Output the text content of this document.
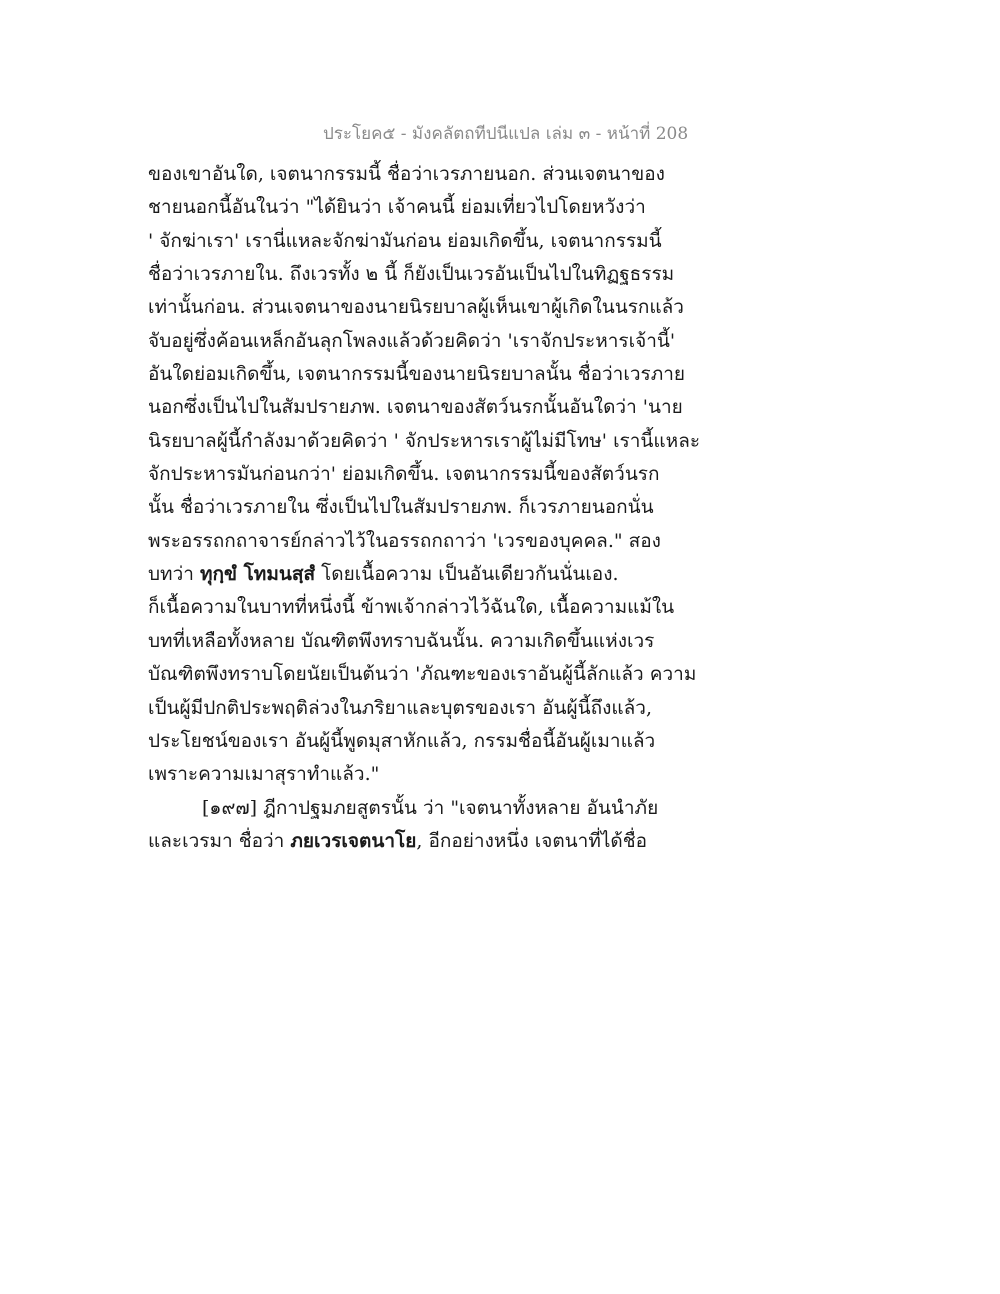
ประโยค๕ - มังคลัตถทีปนีแปล เล่ม ๓ - หน้าที่ 208
ของเขาอันใด, เจตนากรรมนี้ ชื่อว่าเวรภายนอก. ส่วนเจตนาของ
ชายนอกนี้อันในว่า "ได้ยินว่า เจ้าคนนี้ ย่อมเที่ยวไปโดยหวังว่า
' จักฆ่าเรา' เรานี่แหละจักฆ่ามันก่อน ย่อมเกิดขึ้น, เจตนากรรมนี้
ชื่อว่าเวรภายใน. ถึงเวรทั้ง ๒ นี้ ก็ยังเป็นเวรอันเป็นไปในทิฏฐธรรม
เท่านั้นก่อน. ส่วนเจตนาของนายนิรยบาลผู้เห็นเขาผู้เกิดในนรกแล้ว
จับอยู่ซึ่งค้อนเหล็กอันลุกโพลงแล้วด้วยคิดว่า 'เราจักประหารเจ้านี้'
อันใดย่อมเกิดขึ้น, เจตนากรรมนี้ของนายนิรยบาลนั้น ชื่อว่าเวรภาย
นอกซึ่งเป็นไปในสัมปรายภพ. เจตนาของสัตว์นรกนั้นอันใดว่า 'นาย
นิรยบาลผู้นี้กำลังมาด้วยคิดว่า ' จักประหารเราผู้ไม่มีโทษ' เรานี้แหละ
จักประหารมันก่อนกว่า' ย่อมเกิดขึ้น. เจตนากรรมนี้ของสัตว์นรก
นั้น ชื่อว่าเวรภายใน ซึ่งเป็นไปในสัมปรายภพ. ก็เวรภายนอกนั่น
พระอรรถกถาจารย์กล่าวไว้ในอรรถกถาว่า 'เวรของบุคคล." สอง
บทว่า ทุกฺขํ โทมนสฺสํ โดยเนื้อความ เป็นอันเดียวกันนั่นเอง.
ก็เนื้อความในบาทที่หนึ่งนี้ ข้าพเจ้ากล่าวไว้ฉันใด, เนื้อความแม้ใน
บทที่เหลือทั้งหลาย บัณฑิตพึงทราบฉันนั้น. ความเกิดขึ้นแห่งเวร
บัณฑิตพึงทราบโดยนัยเป็นต้นว่า 'ภัณฑะของเราอันผู้นี้ลักแล้ว ความ
เป็นผู้มีปกติประพฤติล่วงในภริยาและบุตรของเรา อันผู้นี้ถึงแล้ว,
ประโยชน์ของเรา อันผู้นี้พูดมุสาหักแล้ว, กรรมชื่อนี้อันผู้เมาแล้ว
เพราะความเมาสุราทำแล้ว."
[๑๙๗] ฎีกาปฐมภยสูตรนั้น ว่า "เจตนาทั้งหลาย อันนำภัย
และเวรมา ชื่อว่า ภยเวรเจตนาโย, อีกอย่างหนึ่ง เจตนาที่ได้ชื่อ
